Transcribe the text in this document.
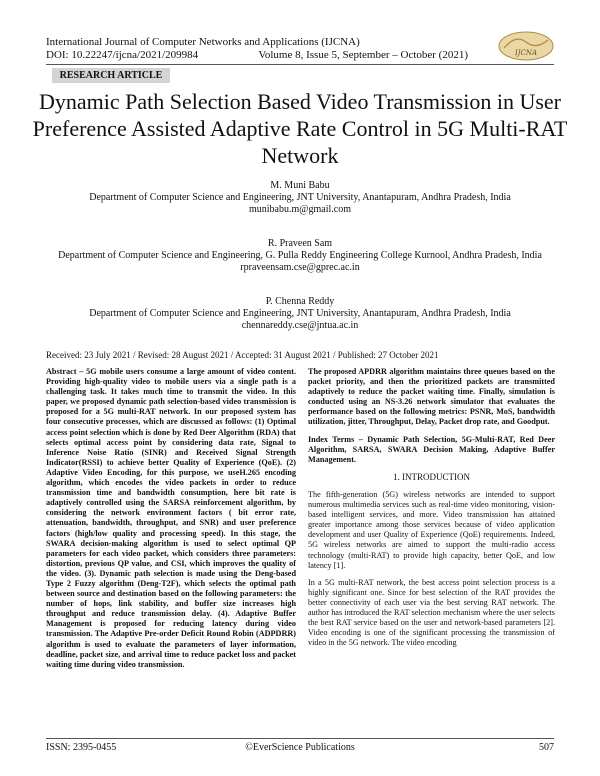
International Journal of Computer Networks and Applications (IJCNA)
DOI: 10.22247/ijcna/2021/209984	Volume 8, Issue 5, September – October (2021)	IJCNA
RESEARCH ARTICLE
Dynamic Path Selection Based Video Transmission in User Preference Assisted Adaptive Rate Control in 5G Multi-RAT Network
M. Muni Babu
Department of Computer Science and Engineering, JNT University, Anantapuram, Andhra Pradesh, India
munibabu.m@gmail.com
R. Praveen Sam
Department of Computer Science and Engineering, G. Pulla Reddy Engineering College Kurnool, Andhra Pradesh, India
rpraveensam.cse@gprec.ac.in
P. Chenna Reddy
Department of Computer Science and Engineering, JNT University, Anantapuram, Andhra Pradesh, India
chennareddy.cse@jntua.ac.in
Received: 23 July 2021 / Revised: 28 August 2021 / Accepted: 31 August 2021 / Published: 27 October 2021

Abstract – 5G mobile users consume a large amount of video content. Providing high-quality video to mobile users via a single path is a challenging task. It takes much time to transmit the video. In this paper, we proposed dynamic path selection-based video transmission is proposed for a 5G multi-RAT network. In our proposed system has four consecutive processes, which are discussed as follows: (1) Optimal access point selection which is done by Red Deer Algorithm (RDA) that selects optimal access point by considering data rate, Signal to Inference Noise Ratio (SINR) and Received Signal Strength Indicator(RSSI) to achieve better Quality of Experience (QoE). (2) Adaptive Video Encoding, for this purpose, we useH.265 encoding algorithm, which encodes the video packets in order to reduce transmission time and bandwidth consumption, here bit rate is adaptively controlled using the SARSA reinforcement algorithm, by considering the network environment factors ( bit error rate, attenuation, bandwidth, throughput, and SNR) and user preference factors (high/low quality and processing speed). In this stage, the SWARA decision-making algorithm is used to select optimal QP parameters for each video packet, which considers three parameters: distortion, previous QP value, and CSI, which improves the quality of the video. (3). Dynamic path selection is made using the Deng-based Type 2 Fuzzy algorithm (Deng-T2F), which selects the optimal path between source and destination based on the following parameters: the number of hops, link stability, and buffer size increases high throughput and reduce transmission delay. (4). Adaptive Buffer Management is proposed for reducing latency during video transmission. The Adaptive Pre-order Deficit Round Robin (ADPDRR) algorithm is used to evaluate the parameters of layer information, deadline, packet size, and arrival time to reduce packet loss and packet waiting time during video transmission.

The proposed APDRR algorithm maintains three queues based on the packet priority, and then the prioritized packets are transmitted adaptively to reduce the packet waiting time. Finally, simulation is conducted using an NS-3.26 network simulator that evaluates the performance based on the following metrics: PSNR, MoS, bandwidth utilization, jitter, Throughput, Delay, Packet drop rate, and Goodput.

Index Terms – Dynamic Path Selection, 5G-Multi-RAT, Red Deer Algorithm, SARSA, SWARA Decision Making, Adaptive Buffer Management.

1. INTRODUCTION

The fifth-generation (5G) wireless networks are intended to support numerous multimedia services such as real-time video monitoring, vision-based intelligent services, and more. Video transmission has attained greater importance among those services because of video application development and user Quality of Experience (QoE) requirements. Indeed, 5G wireless networks are aimed to support the multi-radio access technology (multi-RAT) to provide high capacity, better QoE, and low latency [1].

In a 5G multi-RAT network, the best access point selection process is a highly significant one. Since for best selection of the RAT provides the better connectivity of each user via the best serving RAT network. The author has introduced the RAT selection mechanism where the user selects the best RAT service based on the user and network-based parameters [2]. Video encoding is one of the significant processing the transmission of video in the 5G network. The video encoding

ISSN: 2395-0455	©EverScience Publications	507
